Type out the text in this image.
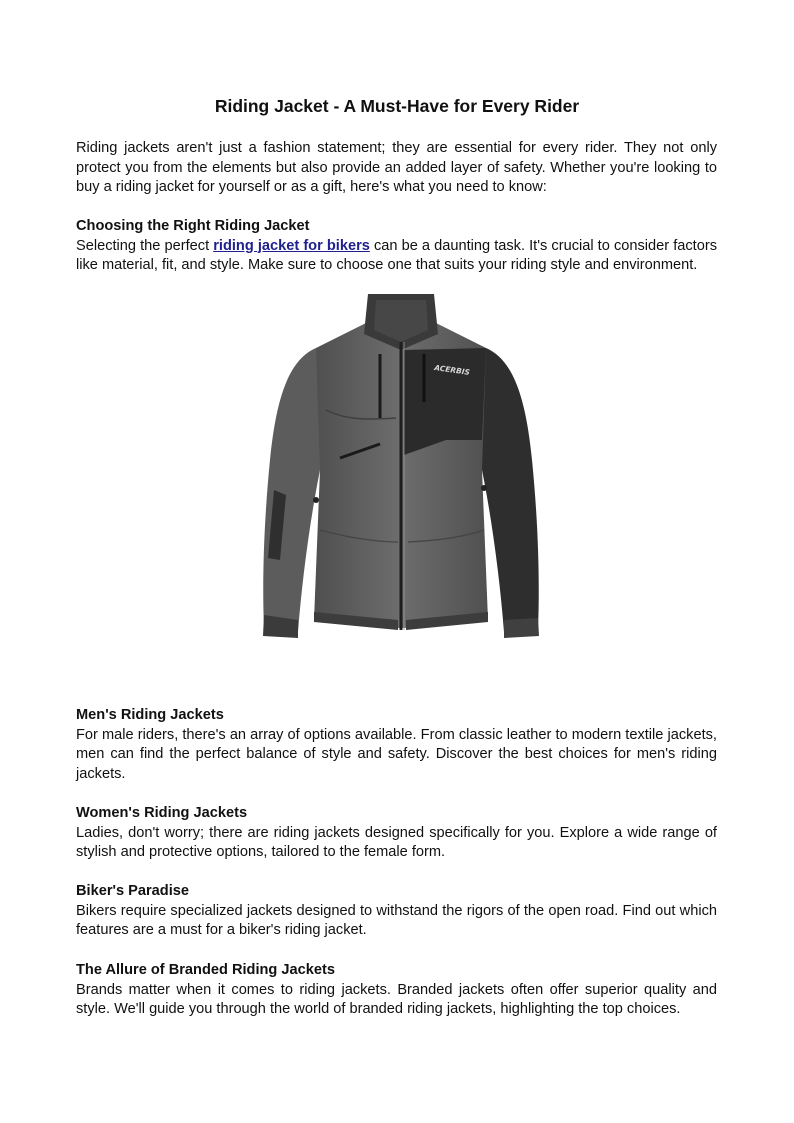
Riding Jacket - A Must-Have for Every Rider

Riding jackets aren't just a fashion statement; they are essential for every rider. They not only protect you from the elements but also provide an added layer of safety. Whether you're looking to buy a riding jacket for yourself or as a gift, here's what you need to know:

Choosing the Right Riding Jacket
Selecting the perfect riding jacket for bikers can be a daunting task. It's crucial to consider factors like material, fit, and style. Make sure to choose one that suits your riding style and environment.
ACERBIS
Men's Riding Jackets
For male riders, there's an array of options available. From classic leather to modern textile jackets, men can find the perfect balance of style and safety. Discover the best choices for men's riding jackets.
Women's Riding Jackets
Ladies, don't worry; there are riding jackets designed specifically for you. Explore a wide range of stylish and protective options, tailored to the female form.
Biker's Paradise
Bikers require specialized jackets designed to withstand the rigors of the open road. Find out which features are a must for a biker's riding jacket.
The Allure of Branded Riding Jackets
Brands matter when it comes to riding jackets. Branded jackets often offer superior quality and style. We'll guide you through the world of branded riding jackets, highlighting the top choices.
